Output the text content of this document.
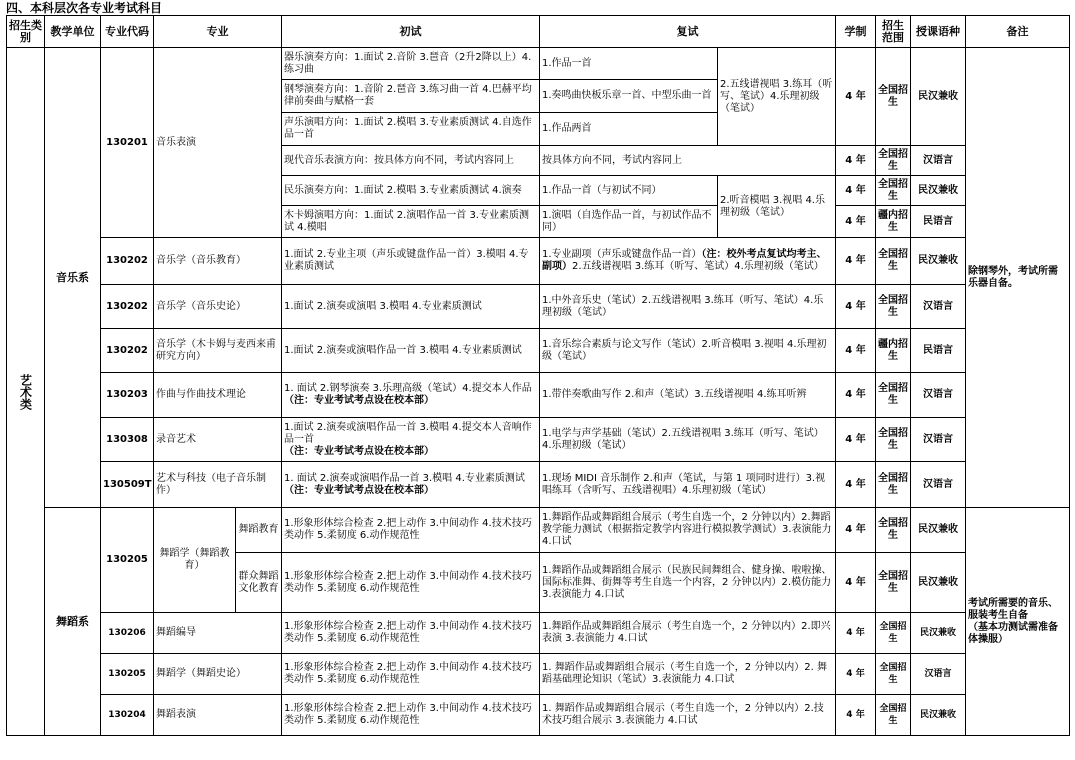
四、本科层次各专业考试科目
招生类别	教学单位	专业代码	专业		初试	复试		学制	招生范围	授课语种	备注

艺术类	音乐系	130201	音乐表演		器乐演奏方向：1.面试 2.音阶 3.琶音（2升2降以上）4.练习曲	1.作品一首	2.五线谱视唱 3.练耳（听写、笔试）4.乐理初级（笔试）	4 年	全国招生	民汉兼收	除钢琴外，考试所需乐器自备。
					钢琴演奏方向：1.音阶 2.琶音 3.练习曲一首 4.巴赫平均律前奏曲与赋格一套	1.奏鸣曲快板乐章一首、中型乐曲一首					
					声乐演唱方向：1.面试 2.模唱 3.专业素质测试 4.自选作品一首	1.作品两首					
					现代音乐表演方向：按具体方向不同，考试内容同上	按具体方向不同，考试内容同上		4 年	全国招生	汉语言	
					民乐演奏方向：1.面试 2.模唱 3.专业素质测试 4.演奏	1.作品一首（与初试不同）	2.听音模唱 3.视唱 4.乐理初级（笔试）	4 年	全国招生	民汉兼收	
					木卡姆演唱方向：1.面试 2.演唱作品一首 3.专业素质测试 4.模唱	1.演唱（自选作品一首，与初试作品不同）		4 年	疆内招生	民语言	
		130202	音乐学（音乐教育）		1.面试 2.专业主项（声乐或键盘作品一首）3.模唱 4.专业素质测试	1.专业副项（声乐或键盘作品一首）（注：校外考点复试均考主、副项）2.五线谱视唱 3.练耳（听写、笔试）4.乐理初级（笔试）		4 年	全国招生	民汉兼收	
		130202	音乐学（音乐史论）		1.面试 2.演奏或演唱 3.模唱 4.专业素质测试	1.中外音乐史（笔试）2.五线谱视唱 3.练耳（听写、笔试）4.乐理初级（笔试）		4 年	全国招生	汉语言	
		130202	音乐学（木卡姆与麦西来甫研究方向）		1.面试 2.演奏或演唱作品一首 3.模唱 4.专业素质测试	1.音乐综合素质与论文写作（笔试）2.听音模唱 3.视唱 4.乐理初级（笔试）		4 年	疆内招生	民语言	
		130203	作曲与作曲技术理论		1. 面试 2.钢琴演奏 3.乐理高级（笔试）4.提交本人作品
（注：专业考试考点设在校本部）	1.带伴奏歌曲写作 2.和声（笔试）3.五线谱视唱 4.练耳听辨		4 年	全国招生	汉语言	
		130308	录音艺术		1.面试 2.演奏或演唱作品一首 3.模唱 4.提交本人音响作品一首
（注：专业考试考点设在校本部）	1.电学与声学基础（笔试）2.五线谱视唱 3.练耳（听写、笔试）4.乐理初级（笔试）		4 年	全国招生	汉语言	
		130509T	艺术与科技（电子音乐制作）		1. 面试 2.演奏或演唱作品一首 3.模唱 4.专业素质测试
（注：专业考试考点设在校本部）	1.现场 MIDI 音乐制作 2.和声（笔试，与第 1 项同时进行）3.视唱练耳（含听写、五线谱视唱）4.乐理初级（笔试）		4 年	全国招生	汉语言	
	舞蹈系	130205	舞蹈学（舞蹈教育）	舞蹈教育	1.形象形体综合检查 2.把上动作 3.中间动作 4.技术技巧类动作 5.柔韧度 6.动作规范性	1.舞蹈作品或舞蹈组合展示（考生自选一个，2 分钟以内）2.舞蹈教学能力测试（根据指定教学内容进行模拟教学测试）3.表演能力 4.口试		4 年	全国招生	民汉兼收	考试所需要的音乐、服装考生自备
（基本功测试需准备体操服）
				群众舞蹈文化教育	1.形象形体综合检查 2.把上动作 3.中间动作 4.技术技巧类动作 5.柔韧度 6.动作规范性	1.舞蹈作品或舞蹈组合展示（民族民间舞组合、健身操、啦啦操、国际标准舞、街舞等考生自选一个内容，2 分钟以内）2.模仿能力 3.表演能力 4.口试		4 年	全国招生	民汉兼收	
		130206	舞蹈编导		1.形象形体综合检查 2.把上动作 3.中间动作 4.技术技巧类动作 5.柔韧度 6.动作规范性	1.舞蹈作品或舞蹈组合展示（考生自选一个，2 分钟以内）2.即兴表演 3.表演能力 4.口试		4 年	全国招生	民汉兼收	
		130205	舞蹈学（舞蹈史论）		1.形象形体综合检查 2.把上动作 3.中间动作 4.技术技巧类动作 5.柔韧度 6.动作规范性	1. 舞蹈作品或舞蹈组合展示（考生自选一个，2 分钟以内）2. 舞蹈基础理论知识（笔试）3.表演能力 4.口试		4 年	全国招生	汉语言	
		130204	舞蹈表演		1.形象形体综合检查 2.把上动作 3.中间动作 4.技术技巧类动作 5.柔韧度 6.动作规范性	1. 舞蹈作品或舞蹈组合展示（考生自选一个，2 分钟以内）2.技术技巧组合展示 3.表演能力 4.口试		4 年	全国招生	民汉兼收	
